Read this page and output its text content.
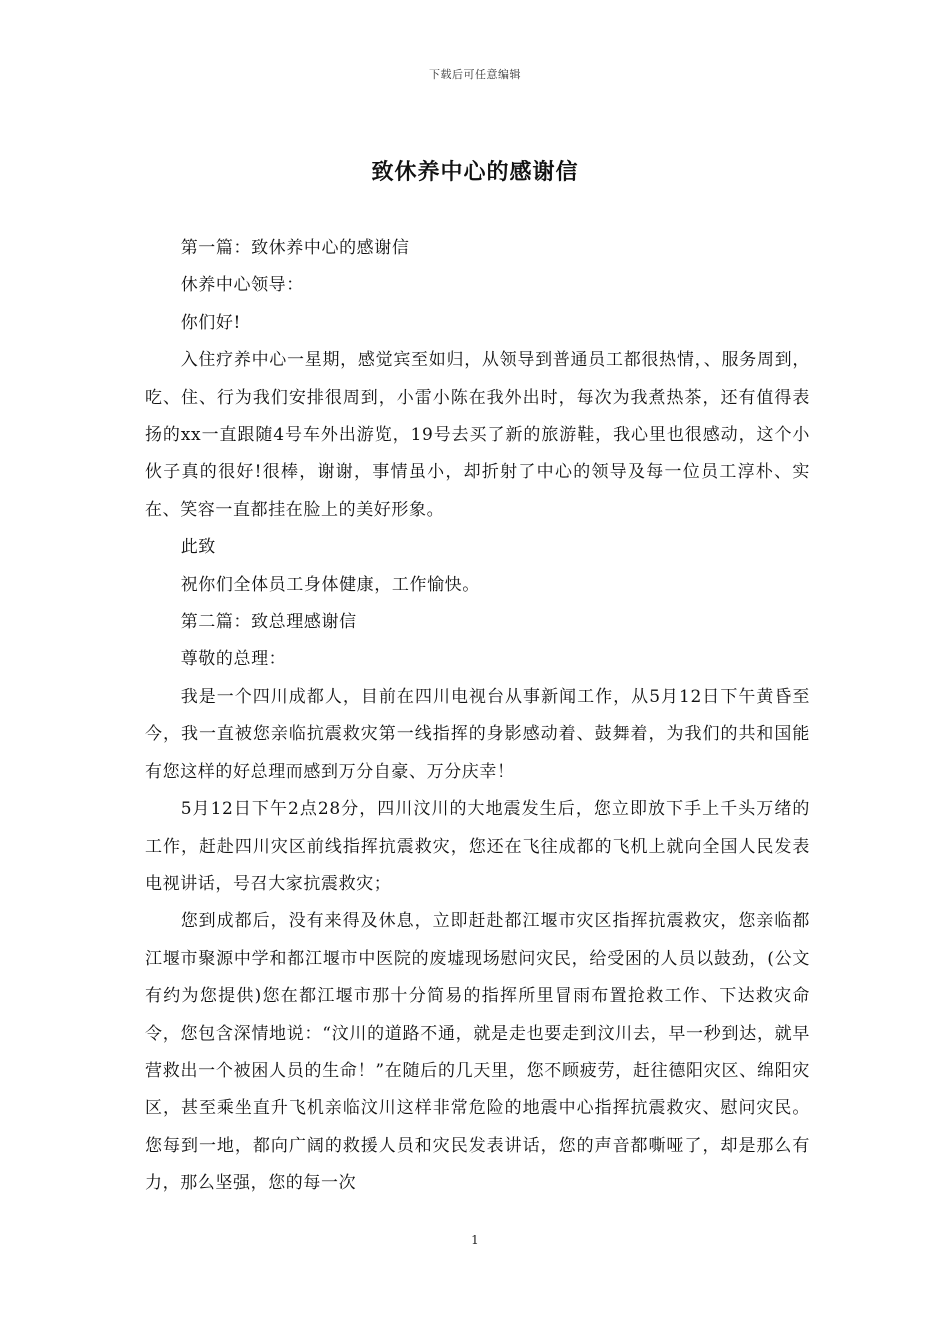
下载后可任意编辑
致休养中心的感谢信

第一篇：致休养中心的感谢信

休养中心领导：

你们好!

入住疗养中心一星期，感觉宾至如归，从领导到普通员工都很热情，、服务周到，吃、住、行为我们安排很周到，小雷小陈在我外出时，每次为我煮热茶，还有值得表扬的xx一直跟随4号车外出游览，19号去买了新的旅游鞋，我心里也很感动，这个小伙子真的很好!很棒，谢谢，事情虽小，却折射了中心的领导及每一位员工淳朴、实在、笑容一直都挂在脸上的美好形象。

此致

祝你们全体员工身体健康，工作愉快。

第二篇：致总理感谢信

尊敬的总理：

我是一个四川成都人，目前在四川电视台从事新闻工作，从5月12日下午黄昏至今，我一直被您亲临抗震救灾第一线指挥的身影感动着、鼓舞着，为我们的共和国能有您这样的好总理而感到万分自豪、万分庆幸！

5月12日下午2点28分，四川汶川的大地震发生后，您立即放下手上千头万绪的工作，赶赴四川灾区前线指挥抗震救灾，您还在飞往成都的飞机上就向全国人民发表电视讲话，号召大家抗震救灾；

您到成都后，没有来得及休息，立即赶赴都江堰市灾区指挥抗震救灾，您亲临都江堰市聚源中学和都江堰市中医院的废墟现场慰问灾民，给受困的人员以鼓劲，(公文有约为您提供)您在都江堰市那十分简易的指挥所里冒雨布置抢救工作、下达救灾命令，您包含深情地说：“汶川的道路不通，就是走也要走到汶川去，早一秒到达，就早营救出一个被困人员的生命！”在随后的几天里，您不顾疲劳，赶往德阳灾区、绵阳灾区，甚至乘坐直升飞机亲临汶川这样非常危险的地震中心指挥抗震救灾、慰问灾民。您每到一地，都向广阔的救援人员和灾民发表讲话，您的声音都嘶哑了，却是那么有力，那么坚强，您的每一次

1
